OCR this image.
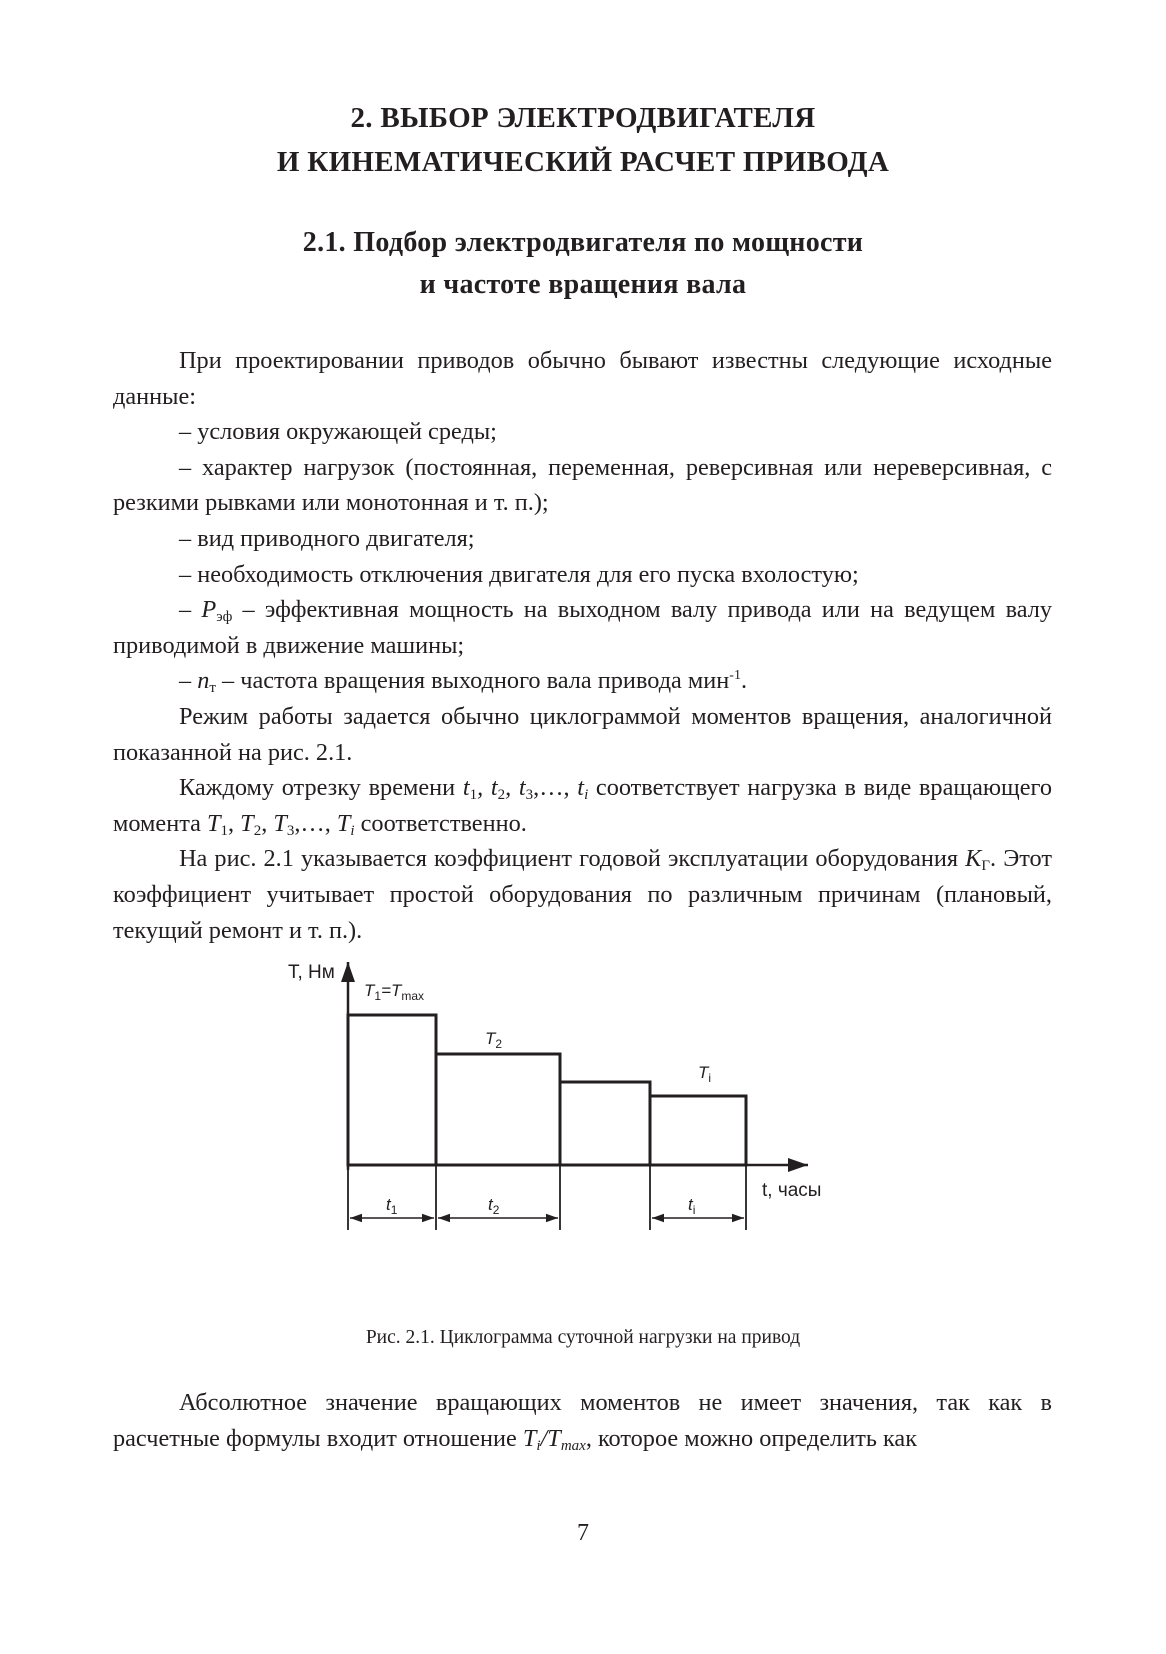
2. ВЫБОР ЭЛЕКТРОДВИГАТЕЛЯ
И КИНЕМАТИЧЕСКИЙ РАСЧЕТ ПРИВОДА
2.1. Подбор электродвигателя по мощности
и частоте вращения вала

При проектировании приводов обычно бывают известны следующие исходные данные:

– условия окружающей среды;

– характер нагрузок (постоянная, переменная, реверсивная или нереверсивная, с резкими рывками или монотонная и т. п.);

– вид приводного двигателя;

– необходимость отключения двигателя для его пуска вхолостую;

– $P_{эф}$ – эффективная мощность на выходном валу привода или на ведущем валу приводимой в движение машины;

– $n_т$ – частота вращения выходного вала привода мин$^{-1}$.

Режим работы задается обычно циклограммой моментов вращения, аналогичной показанной на рис. 2.1.

Каждому отрезку времени $t_1$, $t_2$, $t_3,\dots$, $t_i$ соответствует нагрузка в виде вращающего момента $T_1$, $T_2$, $T_3,\dots$, $T_i$ соответственно.

На рис. 2.1 указывается коэффициент годовой эксплуатации оборудования $K_Г$. Этот коэффициент учитывает простой оборудования по различным причинам (плановый, текущий ремонт и т. п.).

T, Нм
t, часы
$T_1=T_{max}$
$T_2$
$T_i$
$t_1$	$t_2$	$t_i$
Рис. 2.1. Циклограмма суточной нагрузки на привод

Абсолютное значение вращающих моментов не имеет значения, так как в расчетные формулы входит отношение $T_i/T_{max}$, которое можно определить как

7
